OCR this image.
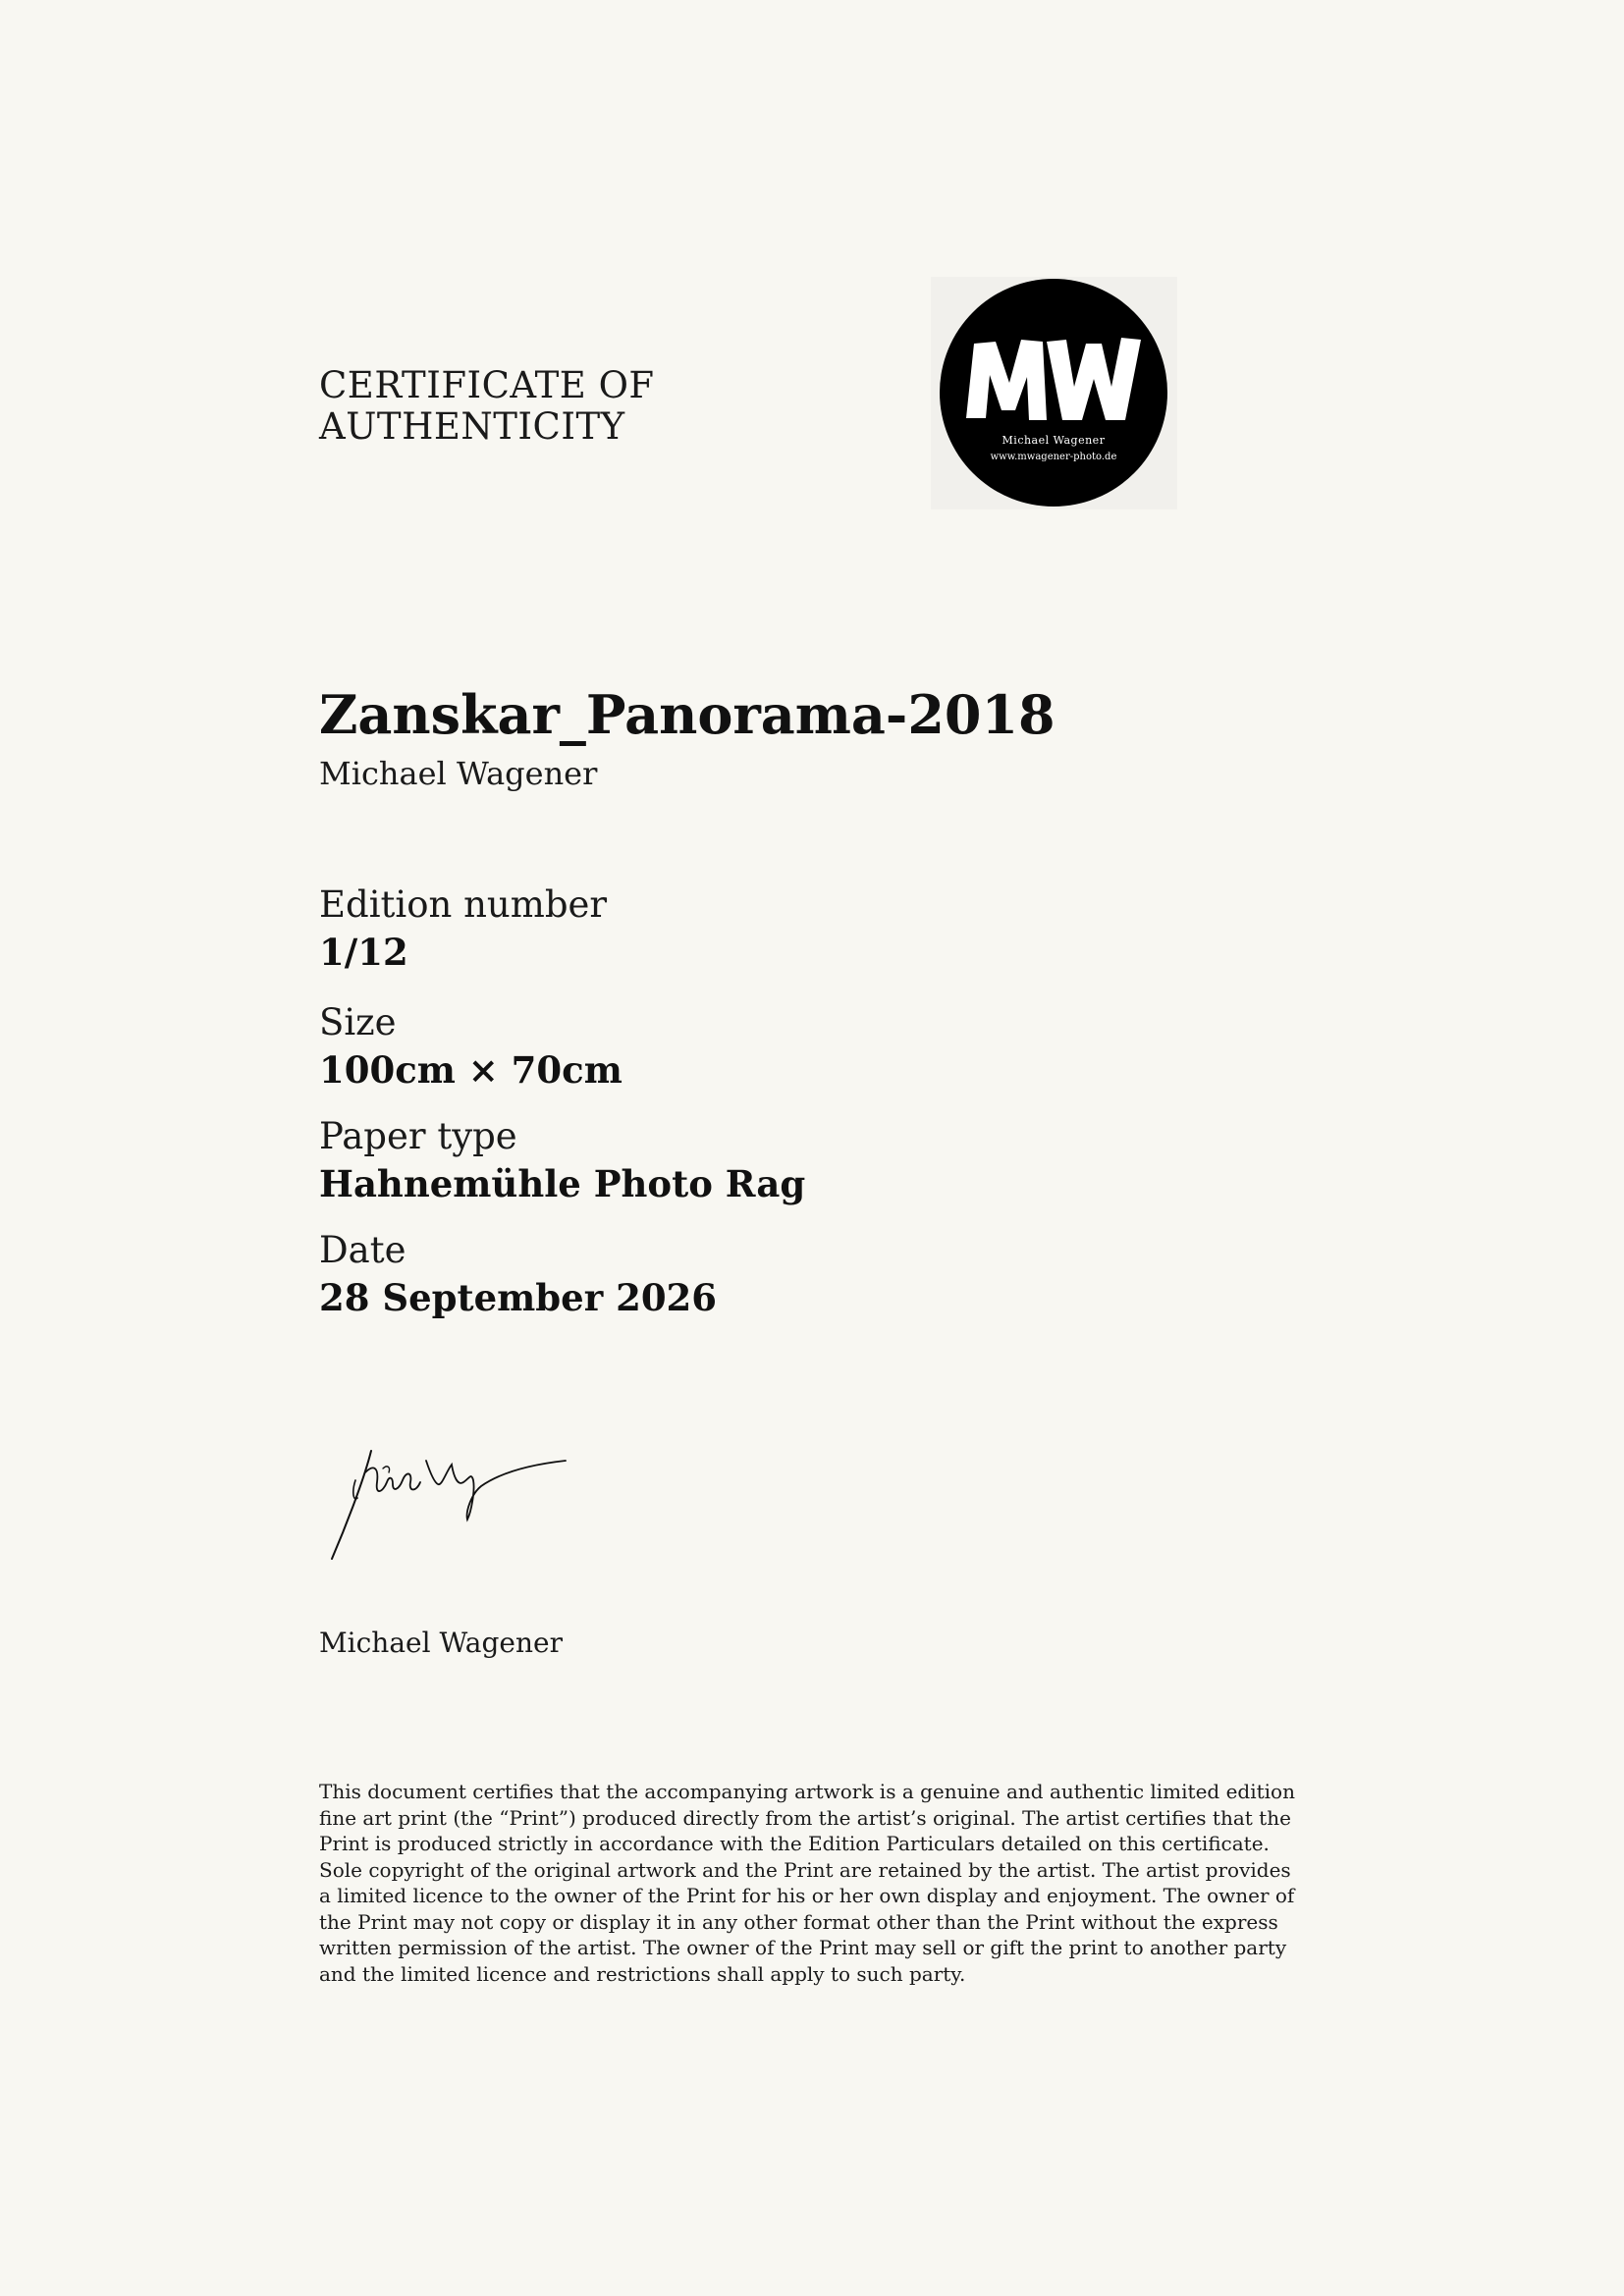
CERTIFICATE OF
AUTHENTICITY	Michael Wagener
www.mwagener-photo.de
Zanskar_Panorama-2018
Michael Wagener
Edition number
1/12
Size
100cm × 70cm
Paper type
Hahnemühle Photo Rag
Date
28 September 2026
Michael Wagener

This document certifies that the accompanying artwork is a genuine and authentic limited edition fine art print (the “Print”) produced directly from the artist’s original. The artist certifies that the Print is produced strictly in accordance with the Edition Particulars detailed on this certificate. Sole copyright of the original artwork and the Print are retained by the artist. The artist provides a limited licence to the owner of the Print for his or her own display and enjoyment. The owner of the Print may not copy or display it in any other format other than the Print without the express written permission of the artist. The owner of the Print may sell or gift the print to another party and the limited licence and restrictions shall apply to such party.
